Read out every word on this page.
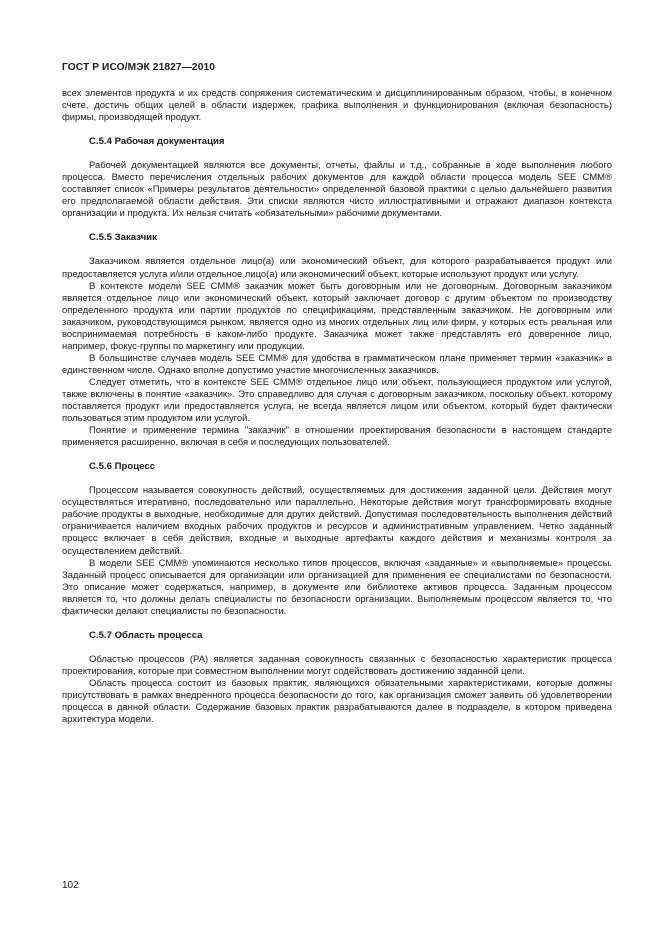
ГОСТ Р ИСО/МЭК 21827—2010

всех элементов продукта и их средств сопряжения систематическим и дисциплинированным образом, чтобы, в конечном счете, достичь общих целей в области издержек, графика выполнения и функционирования (включая безопасность) фирмы, производящей продукт.

С.5.4 Рабочая документация

Рабочей документацией являются все документы, отчеты, файлы и т.д., собранные в ходе выполнения любого процесса. Вместо перечисления отдельных рабочих документов для каждой области процесса модель SEE CMM® составляет список «Примеры результатов деятельности» определенной базовой практики с целью дальнейшего развития его предполагаемой области действия. Эти списки являются чисто иллюстративными и отражают диапазон контекста организации и продукта. Их нельзя считать «обязательными» рабочими документами.

С.5.5 Заказчик

Заказчиком является отдельное лицо(а) или экономический объект, для которого разрабатывается продукт или предоставляется услуга и/или отдельное лицо(а) или экономический объект, которые используют продукт или услугу.

В контексте модели SEE CMM® заказчик может быть договорным или не договорным. Договорным заказчиком является отдельное лицо или экономический объект, который заключает договор с другим объектом по производству определенного продукта или партии продуктов по спецификациям, представленным заказчиком. Не договорным или заказчиком, руководствующимся рынком, является одно из многих отдельных лиц или фирм, у которых есть реальная или воспринимаемая потребность в каком-либо продукте. Заказчика может также представлять его доверенное лицо, например, фокус-группы по маркетингу или продукции.

В большинстве случаев модель SEE CMM® для удобства в грамматическом плане применяет термин «заказчик» в единственном числе. Однако вполне допустимо участие многочисленных заказчиков.

Следует отметить, что в контексте SEE CMM® отдельное лицо или объект, пользующиеся продуктом или услугой, также включены в понятие «заказчик». Это справедливо для случая с договорным заказчиком, поскольку объект, которому поставляется продукт или предоставляется услуга, не всегда является лицом или объектом, который будет фактически пользоваться этим продуктом или услугой.

Понятие и применение термина "заказчик" в отношении проектирования безопасности в настоящем стандарте применяется расширенно, включая в себя и последующих пользователей.

С.5.6 Процесс

Процессом называется совокупность действий, осуществляемых для достижения заданной цели. Действия могут осуществляться итеративно, последовательно или параллельно. Некоторые действия могут трансформировать входные рабочие продукты в выходные, необходимые для других действий. Допустимая последовательность выполнения действий ограничивается наличием входных рабочих продуктов и ресурсов и административным управлением. Четко заданный процесс включает в себя действия, входные и выходные артефакты каждого действия и механизмы контроля за осуществлением действий.

В модели SEE CMM® упоминаются несколько типов процессов, включая «заданные» и «выполняемые» процессы. Заданный процесс описывается для организации или организацией для применения ее специалистами по безопасности. Это описание может содержаться, например, в документе или библиотеке активов процесса. Заданным процессом является то, что должны делать специалисты по безопасности организации. Выполняемым процессом является то, что фактически делают специалисты по безопасности.

С.5.7 Область процесса

Областью процессов (РА) является заданная совокупность связанных с безопасностью характеристик процесса проектирования, которые при совместном выполнении могут содействовать достижению заданной цели.

Область процесса состоит из базовых практик, являющихся обязательными характеристиками, которые должны присутствовать в рамках внедренного процесса безопасности до того, как организация сможет заявить об удовлетворении процесса в данной области. Содержание базовых практик разрабатываются далее в подразделе, в котором приведена архитектура модели.

102
